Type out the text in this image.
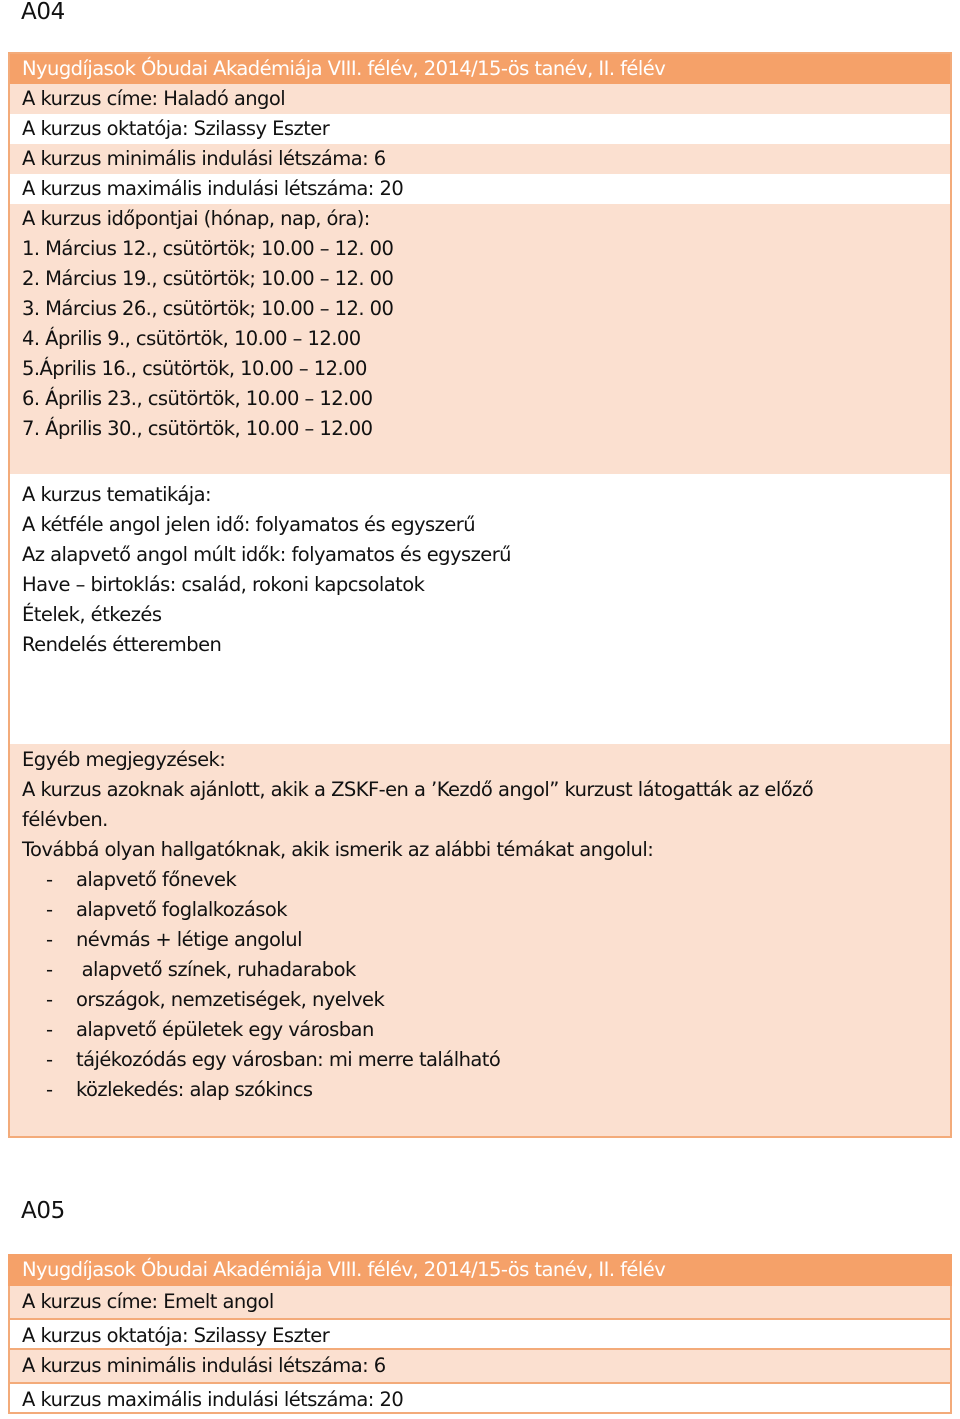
A04
Nyugdíjasok Óbudai Akadémiája VIII. félév, 2014/15-ös tanév, II. félév
A kurzus címe: Haladó angol
A kurzus oktatója: Szilassy Eszter
A kurzus minimális indulási létszáma: 6
A kurzus maximális indulási létszáma: 20
A kurzus időpontjai (hónap, nap, óra):
1. Március 12., csütörtök; 10.00 – 12. 00
2. Március 19., csütörtök; 10.00 – 12. 00
3. Március 26., csütörtök; 10.00 – 12. 00
4. Április 9., csütörtök, 10.00 – 12.00
5.Április 16., csütörtök, 10.00 – 12.00
6. Április 23., csütörtök, 10.00 – 12.00
7. Április 30., csütörtök, 10.00 – 12.00
A kurzus tematikája:
A kétféle angol jelen idő: folyamatos és egyszerű
Az alapvető angol múlt idők: folyamatos és egyszerű
Have – birtoklás: család, rokoni kapcsolatok
Ételek, étkezés
Rendelés étteremben
Egyéb megjegyzések:
A kurzus azoknak ajánlott, akik a ZSKF-en a ’Kezdő angol” kurzust látogatták az előző félévben.
Továbbá olyan hallgatóknak, akik ismerik az alábbi témákat angolul:
- alapvető főnevek
- alapvető foglalkozások
- névmás + létige angolul
- alapvető színek, ruhadarabok
- országok, nemzetiségek, nyelvek
- alapvető épületek egy városban
- tájékozódás egy városban: mi merre található
- közlekedés: alap szókincs
A05
Nyugdíjasok Óbudai Akadémiája VIII. félév, 2014/15-ös tanév, II. félév
A kurzus címe: Emelt angol
A kurzus oktatója: Szilassy Eszter
A kurzus minimális indulási létszáma: 6
A kurzus maximális indulási létszáma: 20
